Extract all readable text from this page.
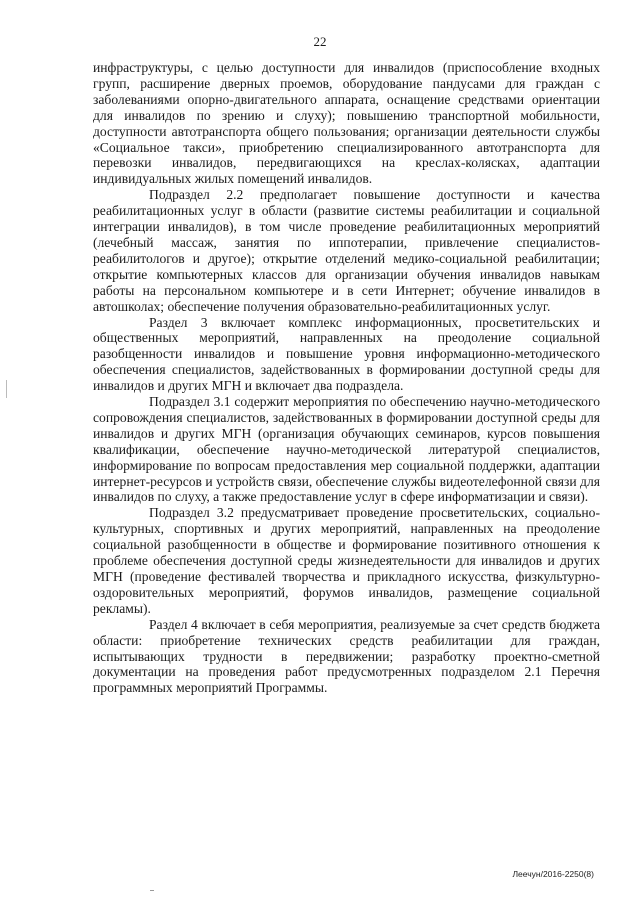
22

инфраструктуры, с целью доступности для инвалидов (приспособление входных групп, расширение дверных проемов, оборудование пандусами для граждан с заболеваниями опорно-двигательного аппарата, оснащение средствами ориентации для инвалидов по зрению и слуху); повышению транспортной мобильности, доступности автотранспорта общего пользования; организации деятельности службы «Социальное такси», приобретению специализированного автотранспорта для перевозки инвалидов, передвигающихся на креслах-колясках, адаптации индивидуальных жилых помещений инвалидов.

Подраздел 2.2 предполагает повышение доступности и качества реабилитационных услуг в области (развитие системы реабилитации и социальной интеграции инвалидов), в том числе проведение реабилитационных мероприятий (лечебный массаж, занятия по иппотерапии, привлечение специалистов-реабилитологов и другое); открытие отделений медико-социальной реабилитации; открытие компьютерных классов для организации обучения инвалидов навыкам работы на персональном компьютере и в сети Интернет; обучение инвалидов в автошколах; обеспечение получения образовательно-реабилитационных услуг.

Раздел 3 включает комплекс информационных, просветительских и общественных мероприятий, направленных на преодоление социальной разобщенности инвалидов и повышение уровня информационно-методического обеспечения специалистов, задействованных в формировании доступной среды для инвалидов и других МГН и включает два подраздела.

Подраздел 3.1 содержит мероприятия по обеспечению научно-методического сопровождения специалистов, задействованных в формировании доступной среды для инвалидов и других МГН (организация обучающих семинаров, курсов повышения квалификации, обеспечение научно-методической литературой специалистов, информирование по вопросам предоставления мер социальной поддержки, адаптации интернет-ресурсов и устройств связи, обеспечение службы видеотелефонной связи для инвалидов по слуху, а также предоставление услуг в сфере информатизации и связи).

Подраздел 3.2 предусматривает проведение просветительских, социально-культурных, спортивных и других мероприятий, направленных на преодоление социальной разобщенности в обществе и формирование позитивного отношения к проблеме обеспечения доступной среды жизнедеятельности для инвалидов и других МГН (проведение фестивалей творчества и прикладного искусства, физкультурно-оздоровительных мероприятий, форумов инвалидов, размещение социальной рекламы).

Раздел 4 включает в себя мероприятия, реализуемые за счет средств бюджета области: приобретение технических средств реабилитации для граждан, испытывающих трудности в передвижении; разработку проектно-сметной документации на проведения работ предусмотренных подразделом 2.1 Перечня программных мероприятий Программы.

Леечун/2016-2250(8)
